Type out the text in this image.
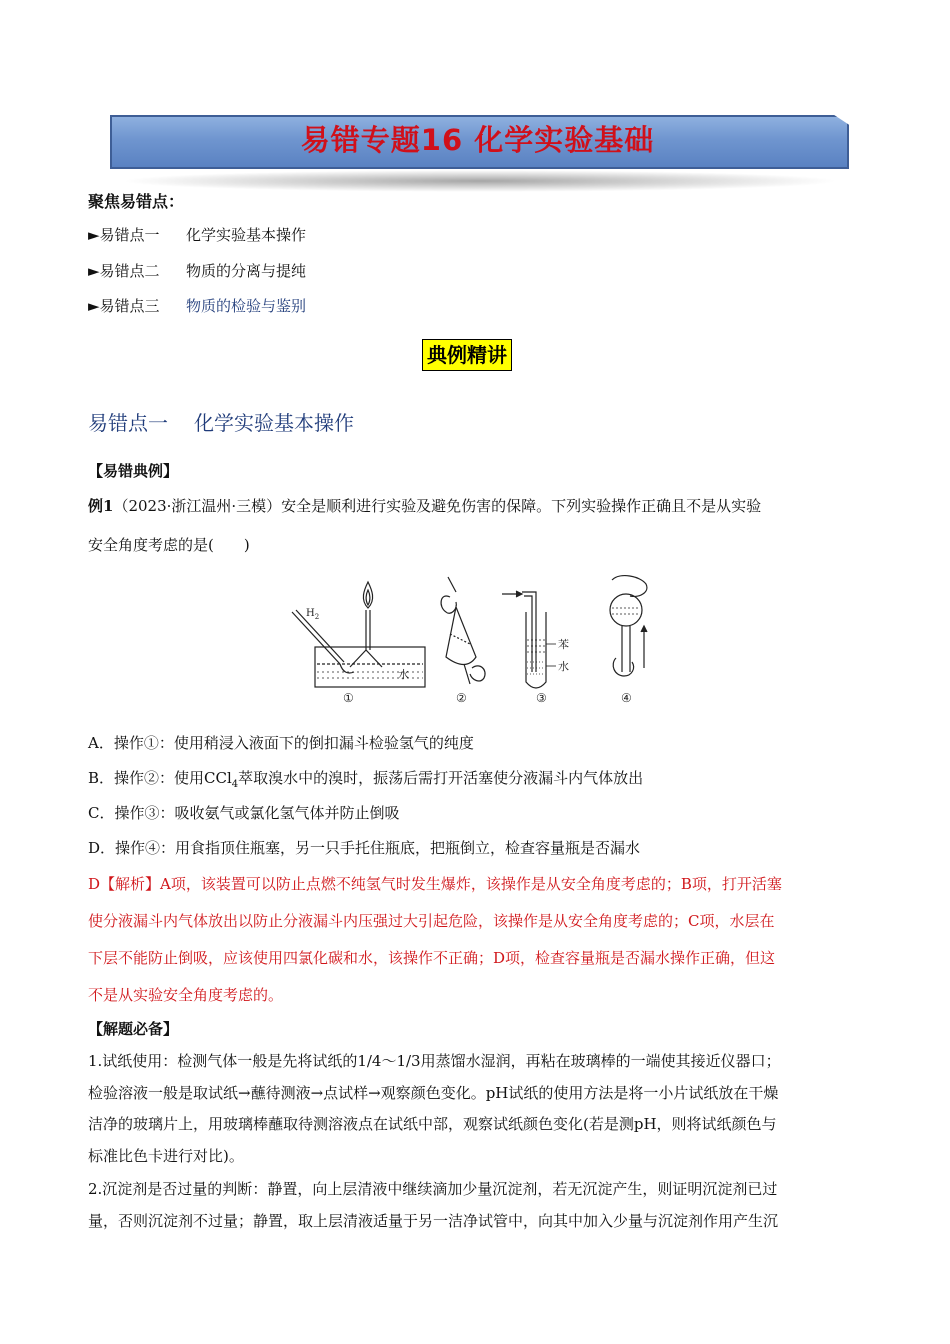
易错专题16 化学实验基础
聚焦易错点：
►易错点一 化学实验基本操作
►易错点二 物质的分离与提纯
►易错点三 物质的检验与鉴别
典例精讲
易错点一 化学实验基本操作
【易错典例】
例1（2023·浙江温州·三模）安全是顺利进行实验及避免伤害的保障。下列实验操作正确且不是从实验
安全角度考虑的是(　　)
$H_2$
水
①	②
苯
水
③	④
A．操作①：使用稍浸入液面下的倒扣漏斗检验氢气的纯度
B．操作②：使用CCl$_4$萃取溴水中的溴时，振荡后需打开活塞使分液漏斗内气体放出
C．操作③：吸收氨气或氯化氢气体并防止倒吸
D．操作④：用食指顶住瓶塞，另一只手托住瓶底，把瓶倒立，检查容量瓶是否漏水
D【解析】A项，该装置可以防止点燃不纯氢气时发生爆炸，该操作是从安全角度考虑的；B项，打开活塞
使分液漏斗内气体放出以防止分液漏斗内压强过大引起危险，该操作是从安全角度考虑的；C项，水层在
下层不能防止倒吸，应该使用四氯化碳和水，该操作不正确；D项，检查容量瓶是否漏水操作正确，但这
不是从实验安全角度考虑的。
【解题必备】
1.试纸使用：检测气体一般是先将试纸的1/4～1/3用蒸馏水湿润，再粘在玻璃棒的一端使其接近仪器口；
检验溶液一般是取试纸→蘸待测液→点试样→观察颜色变化。pH试纸的使用方法是将一小片试纸放在干燥
洁净的玻璃片上，用玻璃棒蘸取待测溶液点在试纸中部，观察试纸颜色变化(若是测pH，则将试纸颜色与
标准比色卡进行对比)。
2.沉淀剂是否过量的判断：静置，向上层清液中继续滴加少量沉淀剂，若无沉淀产生，则证明沉淀剂已过
量，否则沉淀剂不过量；静置，取上层清液适量于另一洁净试管中，向其中加入少量与沉淀剂作用产生沉
